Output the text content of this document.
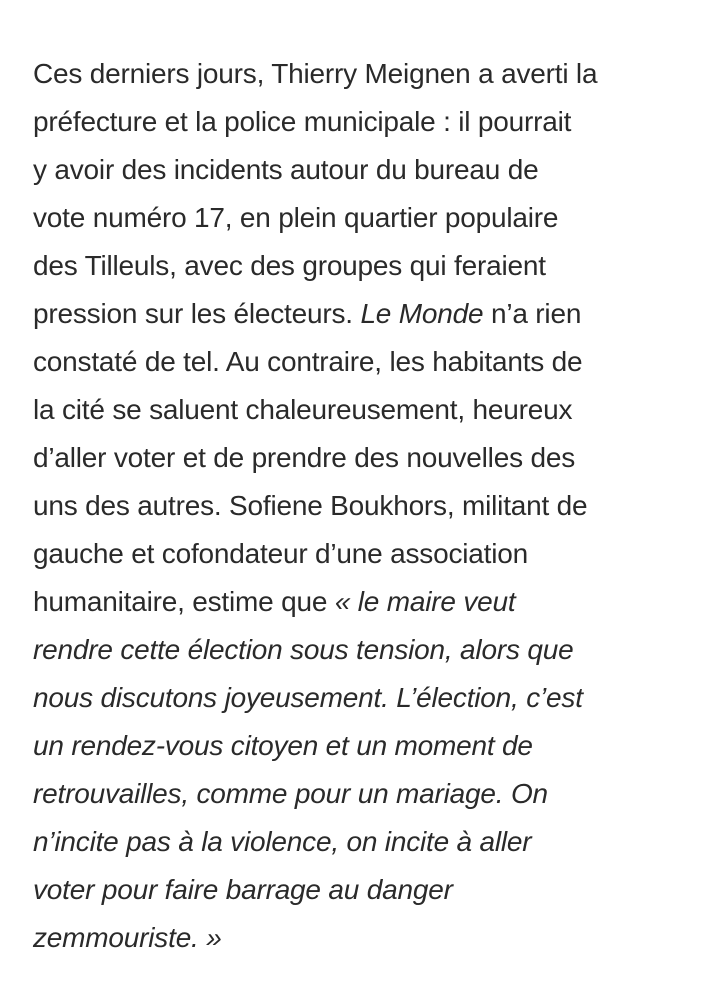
Ces derniers jours, Thierry Meignen a averti la
préfecture et la police municipale : il pourrait
y avoir des incidents autour du bureau de
vote numéro 17, en plein quartier populaire
des Tilleuls, avec des groupes qui feraient
pression sur les électeurs. Le Monde n’a rien
constaté de tel. Au contraire, les habitants de
la cité se saluent chaleureusement, heureux
d’aller voter et de prendre des nouvelles des
uns des autres. Sofiene Boukhors, militant de
gauche et cofondateur d’une association
humanitaire, estime que « le maire veut
rendre cette élection sous tension, alors que
nous discutons joyeusement. L’élection, c’est
un rendez-vous citoyen et un moment de
retrouvailles, comme pour un mariage. On
n’incite pas à la violence, on incite à aller
voter pour faire barrage au danger
zemmouriste. »
